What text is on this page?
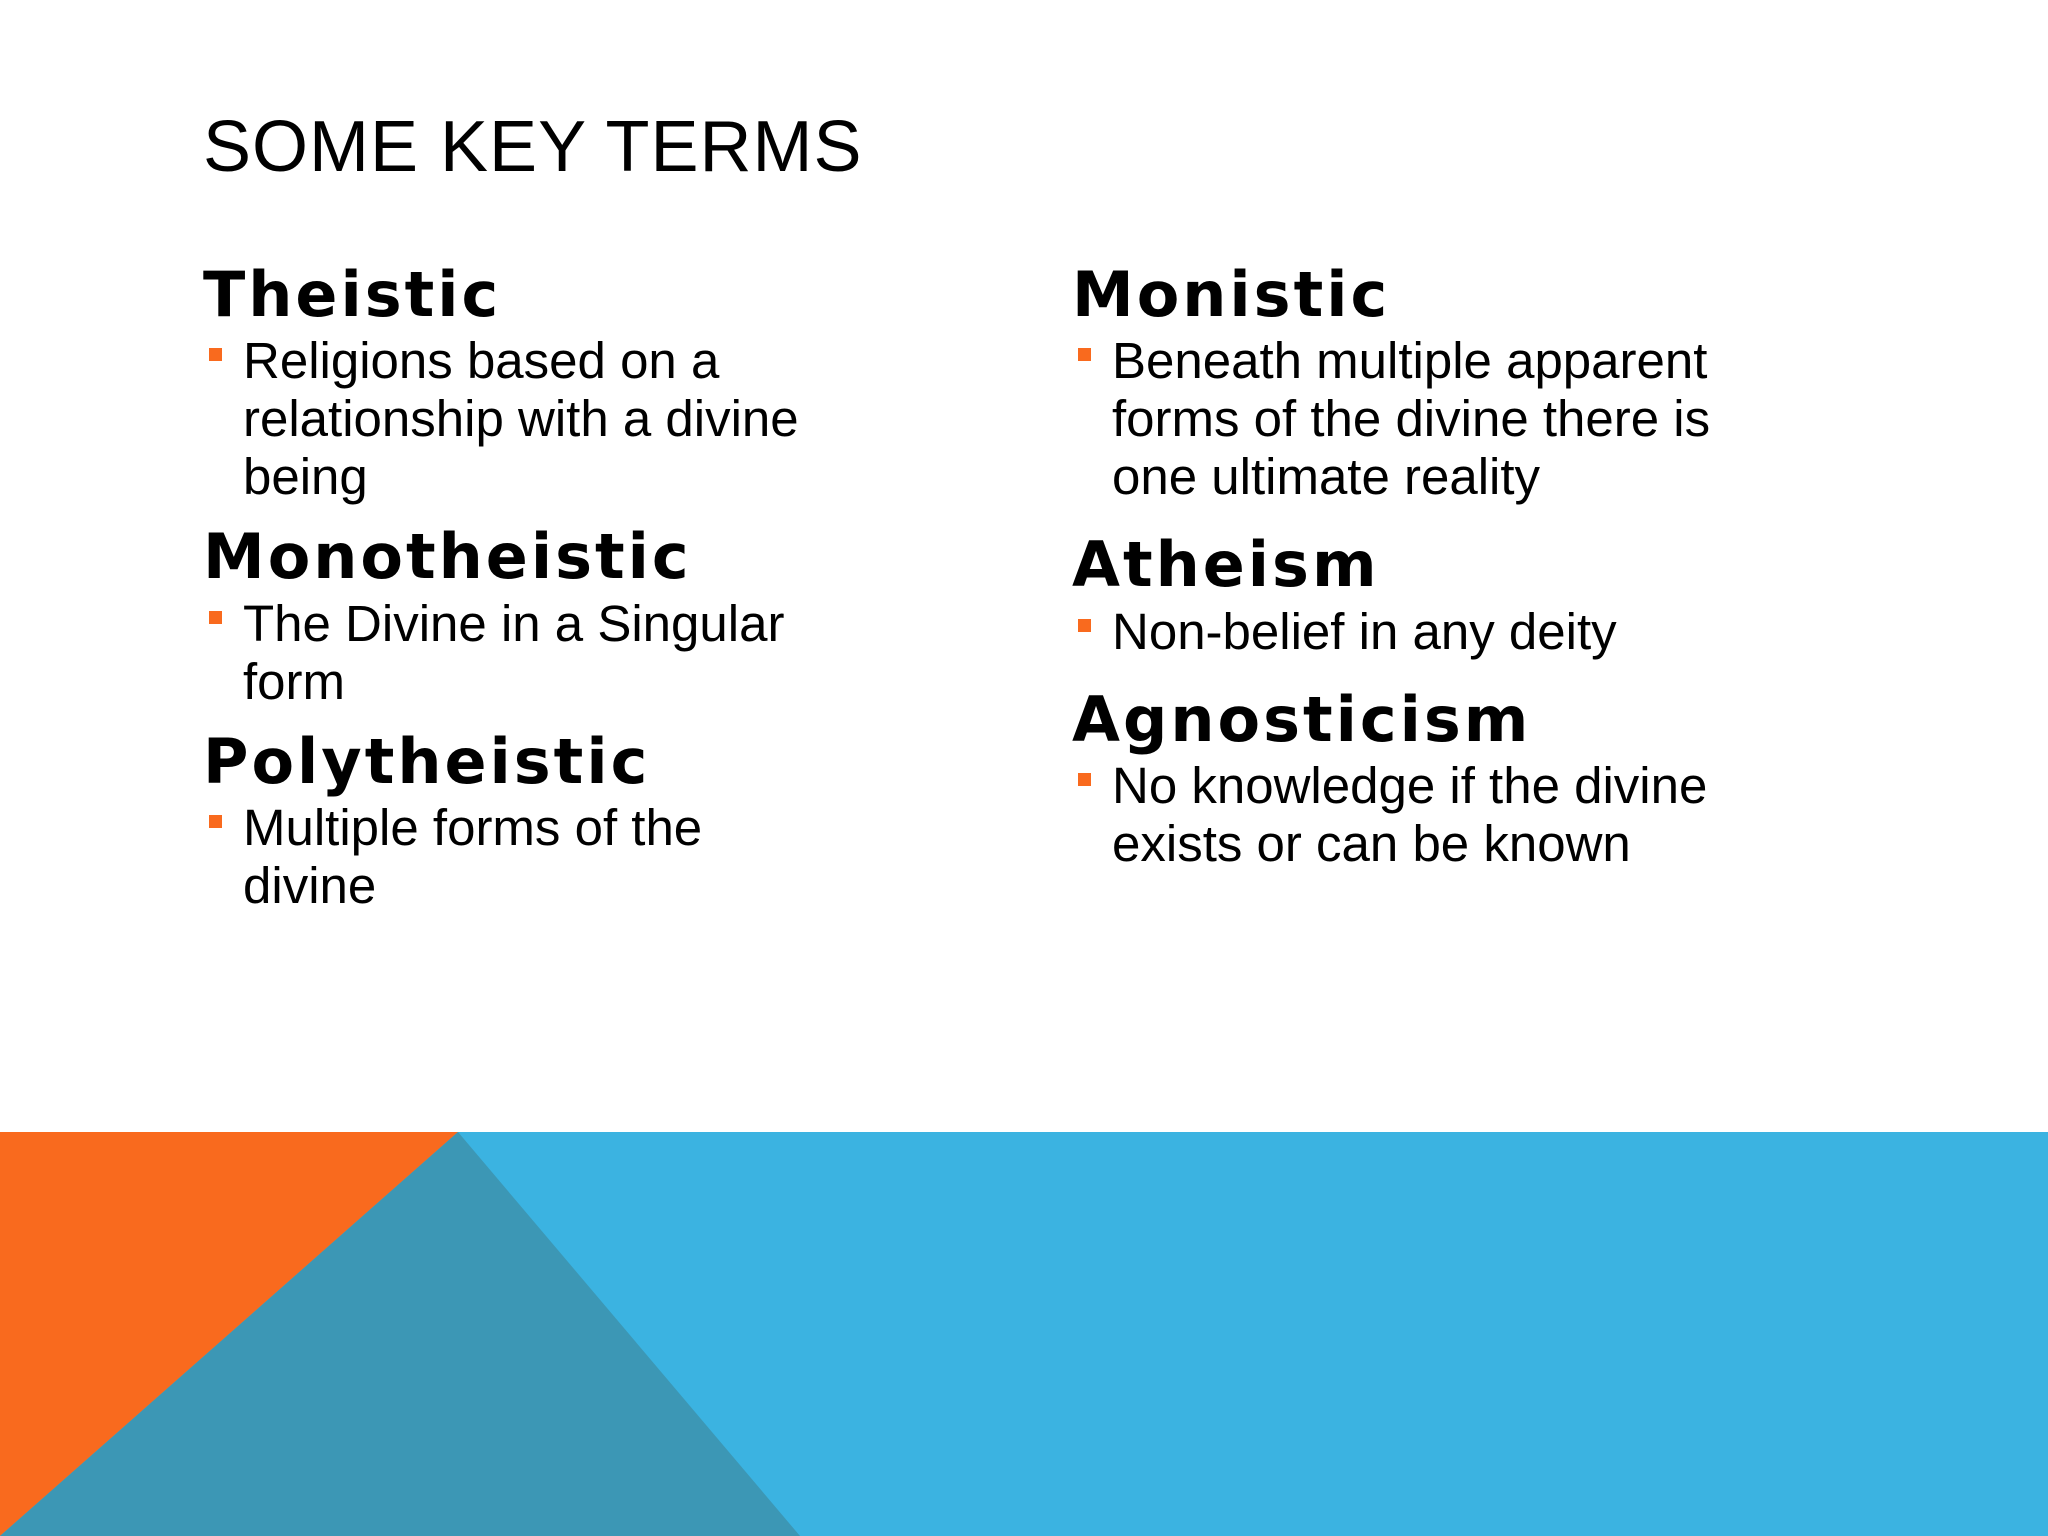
SOME KEY TERMS
Theistic
Religions based on a relationship with a divine being
Monotheistic
The Divine in a Singular form
Polytheistic
Multiple forms of the divine
Monistic
Beneath multiple apparent forms of the divine there is one ultimate reality
Atheism
Non-belief in any deity
Agnosticism
No knowledge if the divine exists or can be known
